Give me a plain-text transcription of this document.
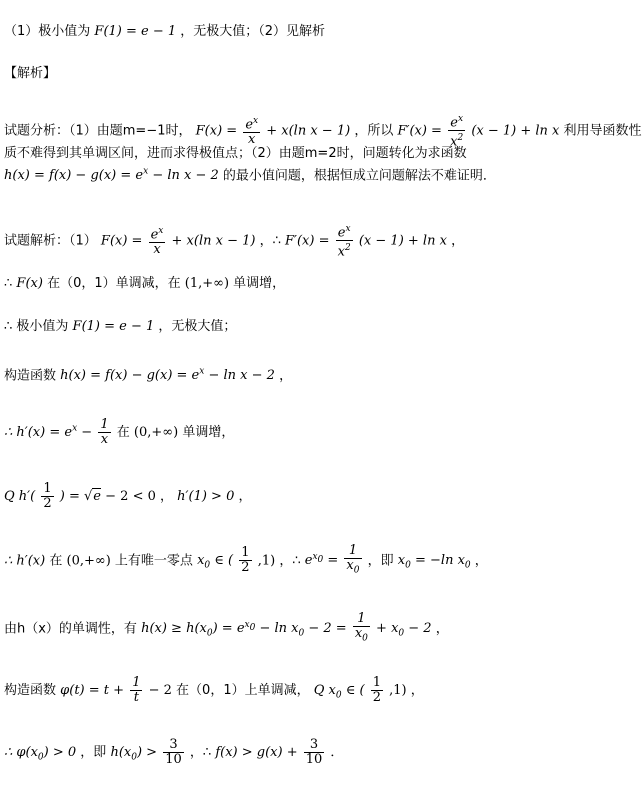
（1）极小值为 F(1) = e − 1 ，无极大值；（2）见解析
【解析】
试题分析：（1）由题m=−1时， $F(x) = \frac{e^x}{x} + x(\ln$ x − 1) ，所以 $F'(x) = \frac{e^x}{x^2} (x - 1) + \ln x$ 利用导函数性
质不难得到其单调区间，进而求得极值点；（2）由题m=2时，问题转化为求函数
$h(x) = f(x) - g(x) = e^x - \ln x - 2$ 的最小值问题，根据恒成立问题解法不难证明．
试题解析：（1） $F(x) = \frac{e^x}{x} + x(\ln$ x − 1) ，∴ $F'(x) = \frac{e^x}{x^2} (x - 1) + \ln x$ ，
∴ F(x) 在（0，1）单调减，在 (1,+∞) 单调增，
∴ 极小值为 F(1) = e − 1 ，无极大值；
构造函数 $h(x) = f(x) - g(x) = e^x - \ln x - 2$ ，
∴ $h'(x) = e^x - \frac{1}{x}$ 在 (0,+∞) 单调增，
Q $h'( \frac{1}{2}$ ) = √e − 2 < 0 ， h′(1) > 0 ，
∴ h′(x) 在 (0,+∞) 上有唯一零点 $x_0$ ∈ ( $\frac{1}{2} ,1$) ，∴ $e^{x_0} = \frac{1}{x_0}$ ，即 $x_0 = -\ln$ $x_0$ ，
由h（x）的单调性，有 $h(x) \ge h(x_0) = e^{x_0} - \ln x_0 - 2 = \frac{1}{x_0} + x_0 - 2$ ，
构造函数 $\varphi(t) = t + \frac{1}{t} - 2$ 在（0，1）上单调减， Q $x_0$ ∈ ( $\frac{1}{2} ,1$) ，
∴ $\varphi(x_0) > 0$ ，即 $h(x_0) > \frac{3}{10}$ ，∴ $f(x) > g(x) + \frac{3}{10}$ ．
